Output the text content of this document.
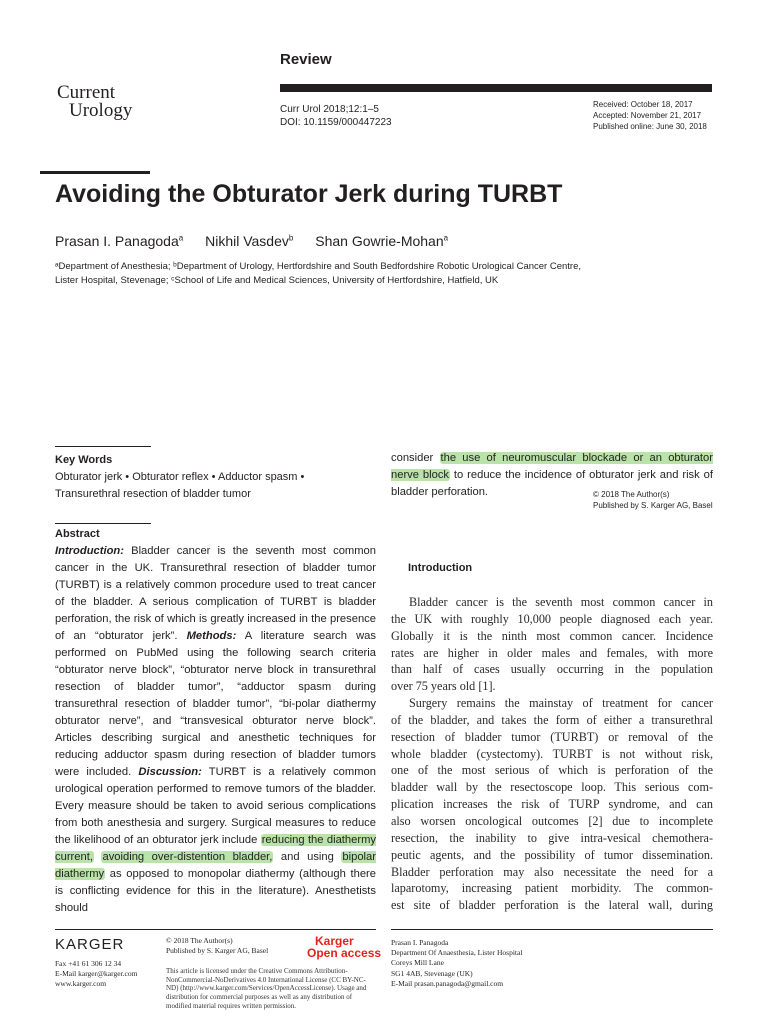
Review
Current
Urology	Curr Urol 2018;12:1–5
DOI: 10.1159/000447223
Received: October 18, 2017
Accepted: November 21, 2017
Published online: June 30, 2018
Avoiding the Obturator Jerk during TURBT
Prasan I. Panagoda$^a$ Nikhil Vasdev$^b$ Shan Gowrie-Mohan$^a$
ᵃDepartment of Anesthesia; ᵇDepartment of Urology, Hertfordshire and South Bedfordshire Robotic Urological Cancer Centre,
Lister Hospital, Stevenage; ᶜSchool of Life and Medical Sciences, University of Hertfordshire, Hatfield, UK
Key Words
Obturator jerk • Obturator reflex • Adductor spasm •
Transurethral resection of bladder tumor
Abstract
Introduction: Bladder cancer is the seventh most common cancer in the UK. Transurethral resection of bladder tumor (TURBT) is a relatively common procedure used to treat cancer of the bladder. A serious complication of TURBT is bladder perforation, the risk of which is greatly increased in the presence of an “obturator jerk”. Methods: A literature search was performed on PubMed using the following search criteria “obturator nerve block”, “obturator nerve block in transurethral resection of bladder tumor”, “adductor spasm during transurethral resection of bladder tumor”, “bi-polar diathermy obturator nerve”, and “transvesical obturator nerve block”. Articles describing surgical and anesthetic techniques for reducing adductor spasm during resection of bladder tumors were included. Discussion: TURBT is a relatively common urological operation performed to remove tumors of the bladder. Every measure should be taken to avoid serious complications from both anesthesia and surgery. Surgical measures to reduce the likelihood of an obturator jerk include reducing the diathermy current, avoiding over-distention bladder, and using bipolar diathermy as opposed to monopolar diathermy (although there is conflicting evidence for this in the literature). Anesthetists should
consider the use of neuromuscular blockade or an obturator nerve block to reduce the incidence of obturator jerk and risk of bladder perforation.	© 2018 The Author(s)
Published by S. Karger AG, Basel
Introduction
Bladder cancer is the seventh most common cancer in
the UK with roughly 10,000 people diagnosed each year.
Globally it is the ninth most common cancer. Incidence
rates are higher in older males and females, with more
than half of cases usually occurring in the population
over 75 years old [1].
Surgery remains the mainstay of treatment for cancer
of the bladder, and takes the form of either a transurethral
resection of bladder tumor (TURBT) or removal of the
whole bladder (cystectomy). TURBT is not without risk,
one of the most serious of which is perforation of the
bladder wall by the resectoscope loop. This serious com-
plication increases the risk of TURP syndrome, and can
also worsen oncological outcomes [2] due to incomplete
resection, the inability to give intra-vesical chemothera-
peutic agents, and the possibility of tumor dissemination.
Bladder perforation may also necessitate the need for a
laparotomy, increasing patient morbidity. The common-
est site of bladder perforation is the lateral wall, during
KARGER
Fax +41 61 306 12 34
E-Mail karger@karger.com
www.karger.com
© 2018 The Author(s)
Published by S. Karger AG, Basel
Karger
Open access
This article is licensed under the Creative Commons Attribution-NonCommercial-NoDerivatives 4.0 International License (CC BY-NC-ND) (http://www.karger.com/Services/OpenAccessLicense). Usage and distribution for commercial purposes as well as any distribution of modified material requires written permission.
Prasan I. Panagoda
Department Of Anaesthesia, Lister Hospital
Coreys Mill Lane
SG1 4AB, Stevenage (UK)
E-Mail prasan.panagoda@gmail.com
